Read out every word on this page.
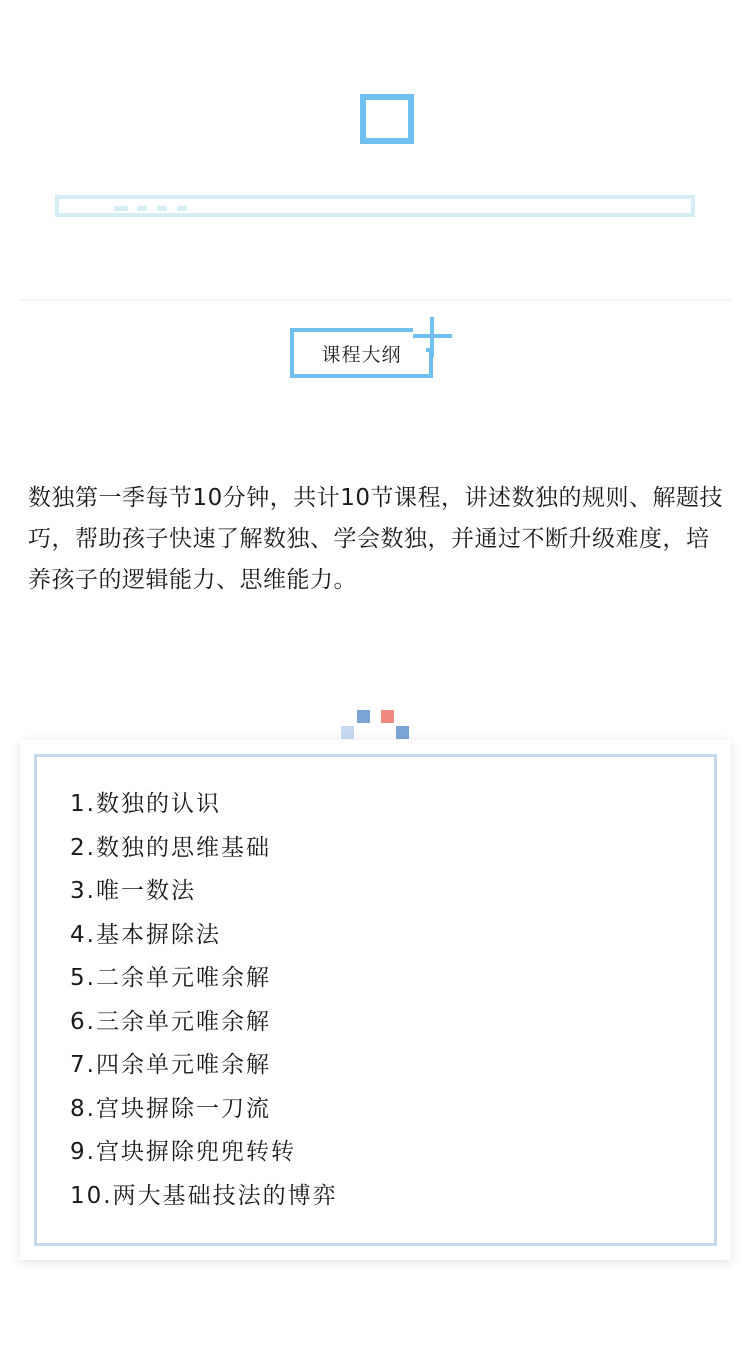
课程大纲

数独第一季每节10分钟，共计10节课程，讲述数独的规则、解题技巧，帮助孩子快速了解数独、学会数独，并通过不断升级难度，培养孩子的逻辑能力、思维能力。

1.数独的认识
2.数独的思维基础
3.唯一数法
4.基本摒除法
5.二余单元唯余解
6.三余单元唯余解
7.四余单元唯余解
8.宫块摒除一刀流
9.宫块摒除兜兜转转
10.两大基础技法的博弈
